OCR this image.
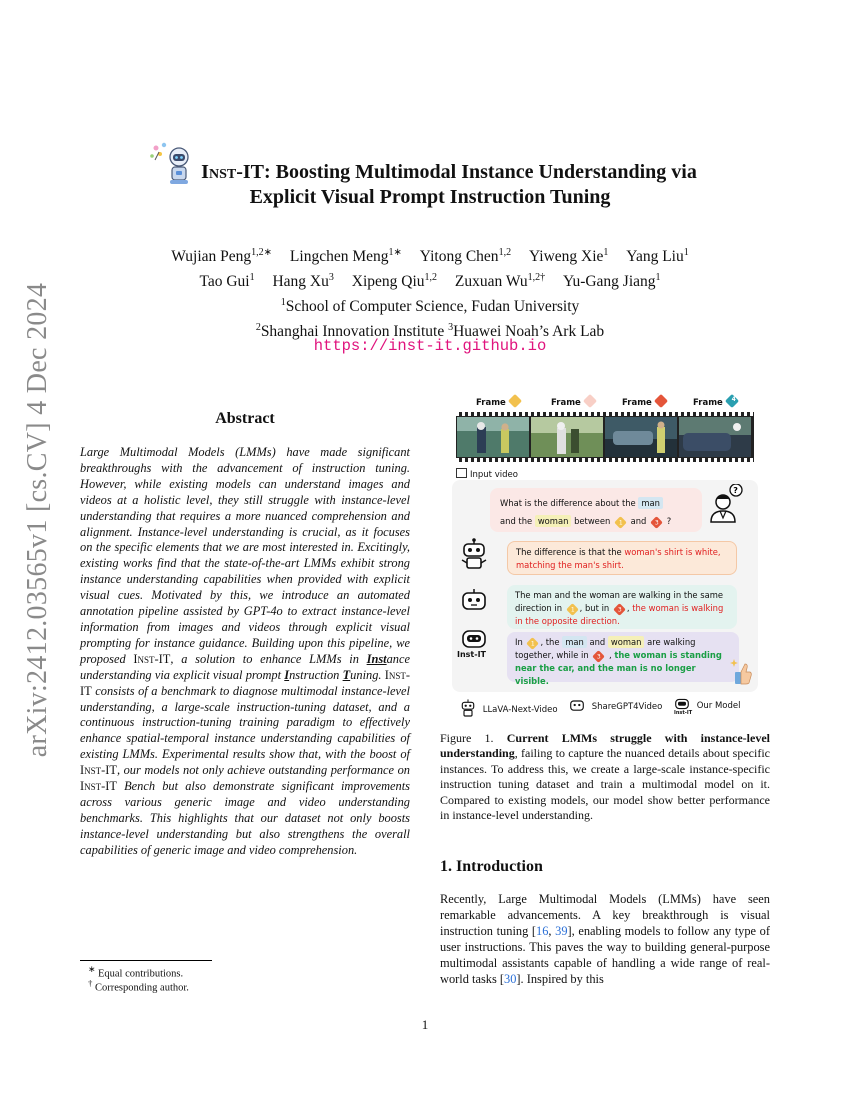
arXiv:2412.03565v1 [cs.CV] 4 Dec 2024
Inst-IT: Boosting Multimodal Instance Understanding via
Explicit Visual Prompt Instruction Tuning
Wujian Peng$^{1,2∗}$ Lingchen Meng$^{1∗}$ Yitong Chen$^{1,2}$ Yiweng Xie$^1$ Yang Liu$^1$
Tao Gui$^1$ Hang Xu$^3$ Xipeng Qiu$^{1,2}$ Zuxuan $Wu^{1,2\dagger}$ Yu-Gang Jiang$^1$
$^1$School of Computer Science, Fudan University
$^2$Shanghai Innovation Institute $^3$Huawei Noah’s Ark Lab
https://inst-it.github.io
Abstract
Large Multimodal Models (LMMs) have made significant breakthroughs with the advancement of instruction tuning. However, while existing models can understand images and videos at a holistic level, they still struggle with instance-level understanding that requires a more nuanced comprehension and alignment. Instance-level understanding is crucial, as it focuses on the specific elements that we are most interested in. Excitingly, existing works find that the state-of-the-art LMMs exhibit strong instance understanding capabilities when provided with explicit visual cues. Motivated by this, we introduce an automated annotation pipeline assisted by GPT-4o to extract instance-level information from images and videos through explicit visual prompting for instance guidance. Building upon this pipeline, we proposed Inst-IT, a solution to enhance LMMs in Instance understanding via explicit visual prompt Instruction Tuning. Inst-IT consists of a benchmark to diagnose multimodal instance-level understanding, a large-scale instruction-tuning dataset, and a continuous instruction-tuning training paradigm to effectively enhance spatial-temporal instance understanding capabilities of existing LMMs. Experimental results show that, with the boost of Inst-IT, our models not only achieve outstanding performance on Inst-IT Bench but also demonstrate significant improvements across various generic image and video understanding benchmarks. This highlights that our dataset not only boosts instance-level understanding but also strengthens the overall capabilities of generic image and video comprehension.
∗ Equal contributions.
† Corresponding author.
1
Frame	Frame	Frame	Frame 4
Input video
What is the difference about the man
and the woman between 1 and 3 ?
?
The difference is that the woman's shirt is white, matching the man's shirt.
The man and the woman are walking in the same direction in 1 , but in 3 , the woman is walking in the opposite direction.
Inst-IT
In 1 , the man and woman are walking together, while in 3 , the woman is standing near the car, and the man is no longer visible.
LLaVA-Next-Video	ShareGPT4Video	Our Model
Inst-IT
Figure 1. Current LMMs struggle with instance-level understanding, failing to capture the nuanced details about specific instances. To address this, we create a large-scale instance-specific instruction tuning dataset and train a multimodal model on it. Compared to existing models, our model show better performance in instance-level understanding.
1. Introduction
Recently, Large Multimodal Models (LMMs) have seen remarkable advancements. A key breakthrough is visual instruction tuning [16, 39], enabling models to follow any type of user instructions. This paves the way to building general-purpose multimodal assistants capable of handling a wide range of real-world tasks [30]. Inspired by this
